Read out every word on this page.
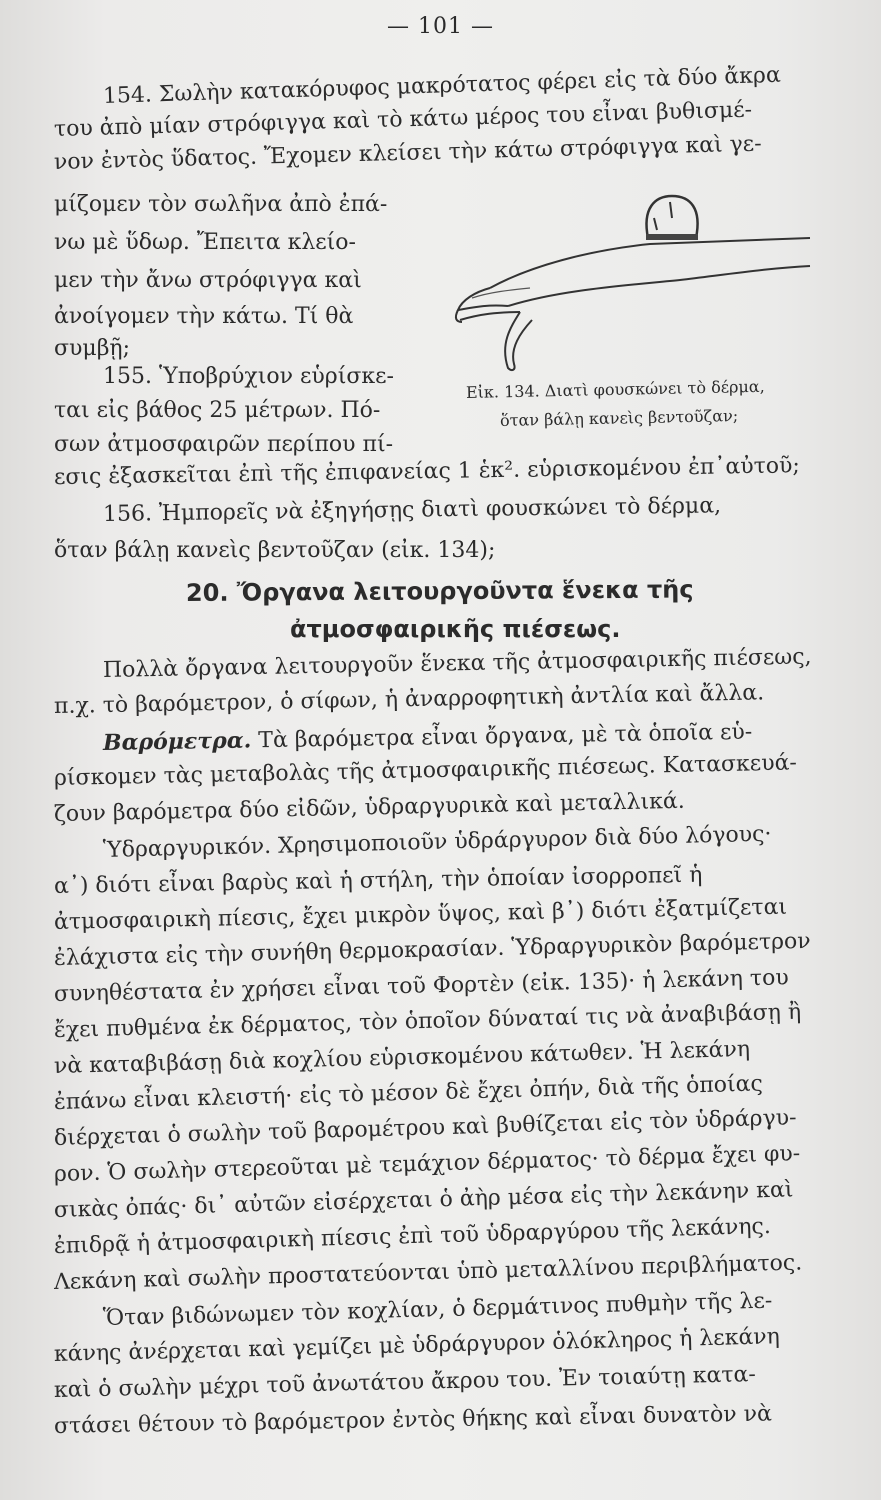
— 101 —
154. Σωλὴν κατακόρυφος μακρότατος φέρει εἰς τὰ δύο ἄκρα
του ἀπὸ μίαν στρόφιγγα καὶ τὸ κάτω μέρος του εἶναι βυθισμέ-
νον ἐντὸς ὕδατος. Ἔχομεν κλείσει τὴν κάτω στρόφιγγα καὶ γε-
μίζομεν τὸν σωλῆνα ἀπὸ ἐπά-
νω μὲ ὕδωρ. Ἔπειτα κλείο-
μεν τὴν ἄνω στρόφιγγα καὶ
ἀνοίγομεν τὴν κάτω. Τί θὰ
συμβῇ;
Εἰκ. 134. Διατὶ φουσκώνει τὸ δέρμα,
ὅταν βάλῃ κανεὶς βεντοῦζαν;
155. Ὑποβρύχιον εὑρίσκε-
ται εἰς βάθος 25 μέτρων. Πό-
σων ἀτμοσφαιρῶν περίπου πί-
εσις ἐξασκεῖται ἐπὶ τῆς ἐπιφανείας 1 ἑκ². εὑρισκομένου ἐπ᾽αὐτοῦ;
156. Ἠμπορεῖς νὰ ἐξηγήσῃς διατὶ φουσκώνει τὸ δέρμα,
ὅταν βάλῃ κανεὶς βεντοῦζαν (εἰκ. 134);
20. Ὄργανα λειτουργοῦντα ἕνεκα τῆς
ἀτμοσφαιρικῆς πιέσεως.
Πολλὰ ὄργανα λειτουργοῦν ἕνεκα τῆς ἀτμοσφαιρικῆς πιέσεως,
π.χ. τὸ βαρόμετρον, ὁ σίφων, ἡ ἀναρροφητικὴ ἀντλία καὶ ἄλλα.
Βαρόμετρα. Τὰ βαρόμετρα εἶναι ὄργανα, μὲ τὰ ὁποῖα εὑ-
ρίσκομεν τὰς μεταβολὰς τῆς ἀτμοσφαιρικῆς πιέσεως. Κατασκευά-
ζουν βαρόμετρα δύο εἰδῶν, ὑδραργυρικὰ καὶ μεταλλικά.
Ὑδραργυρικόν. Χρησιμοποιοῦν ὑδράργυρον διὰ δύο λόγους·
α᾽) διότι εἶναι βαρὺς καὶ ἡ στήλη, τὴν ὁποίαν ἰσορροπεῖ ἡ
ἀτμοσφαιρικὴ πίεσις, ἔχει μικρὸν ὕψος, καὶ β᾽) διότι ἐξατμίζεται
ἐλάχιστα εἰς τὴν συνήθη θερμοκρασίαν. Ὑδραργυρικὸν βαρόμετρον
συνηθέστατα ἐν χρήσει εἶναι τοῦ Φορτὲν (εἰκ. 135)· ἡ λεκάνη του
ἔχει πυθμένα ἐκ δέρματος, τὸν ὁποῖον δύναταί τις νὰ ἀναβιβάσῃ ἢ
νὰ καταβιβάσῃ διὰ κοχλίου εὑρισκομένου κάτωθεν. Ἡ λεκάνη
ἐπάνω εἶναι κλειστή· εἰς τὸ μέσον δὲ ἔχει ὀπήν, διὰ τῆς ὁποίας
διέρχεται ὁ σωλὴν τοῦ βαρομέτρου καὶ βυθίζεται εἰς τὸν ὑδράργυ-
ρον. Ὁ σωλὴν στερεοῦται μὲ τεμάχιον δέρματος· τὸ δέρμα ἔχει φυ-
σικὰς ὀπάς· δι᾽ αὐτῶν εἰσέρχεται ὁ ἀὴρ μέσα εἰς τὴν λεκάνην καὶ
ἐπιδρᾷ ἡ ἀτμοσφαιρικὴ πίεσις ἐπὶ τοῦ ὑδραργύρου τῆς λεκάνης.
Λεκάνη καὶ σωλὴν προστατεύονται ὑπὸ μεταλλίνου περιβλήματος.
Ὅταν βιδώνωμεν τὸν κοχλίαν, ὁ δερμάτινος πυθμὴν τῆς λε-
κάνης ἀνέρχεται καὶ γεμίζει μὲ ὑδράργυρον ὁλόκληρος ἡ λεκάνη
καὶ ὁ σωλὴν μέχρι τοῦ ἀνωτάτου ἄκρου του. Ἐν τοιαύτῃ κατα-
στάσει θέτουν τὸ βαρόμετρον ἐντὸς θήκης καὶ εἶναι δυνατὸν νὰ
